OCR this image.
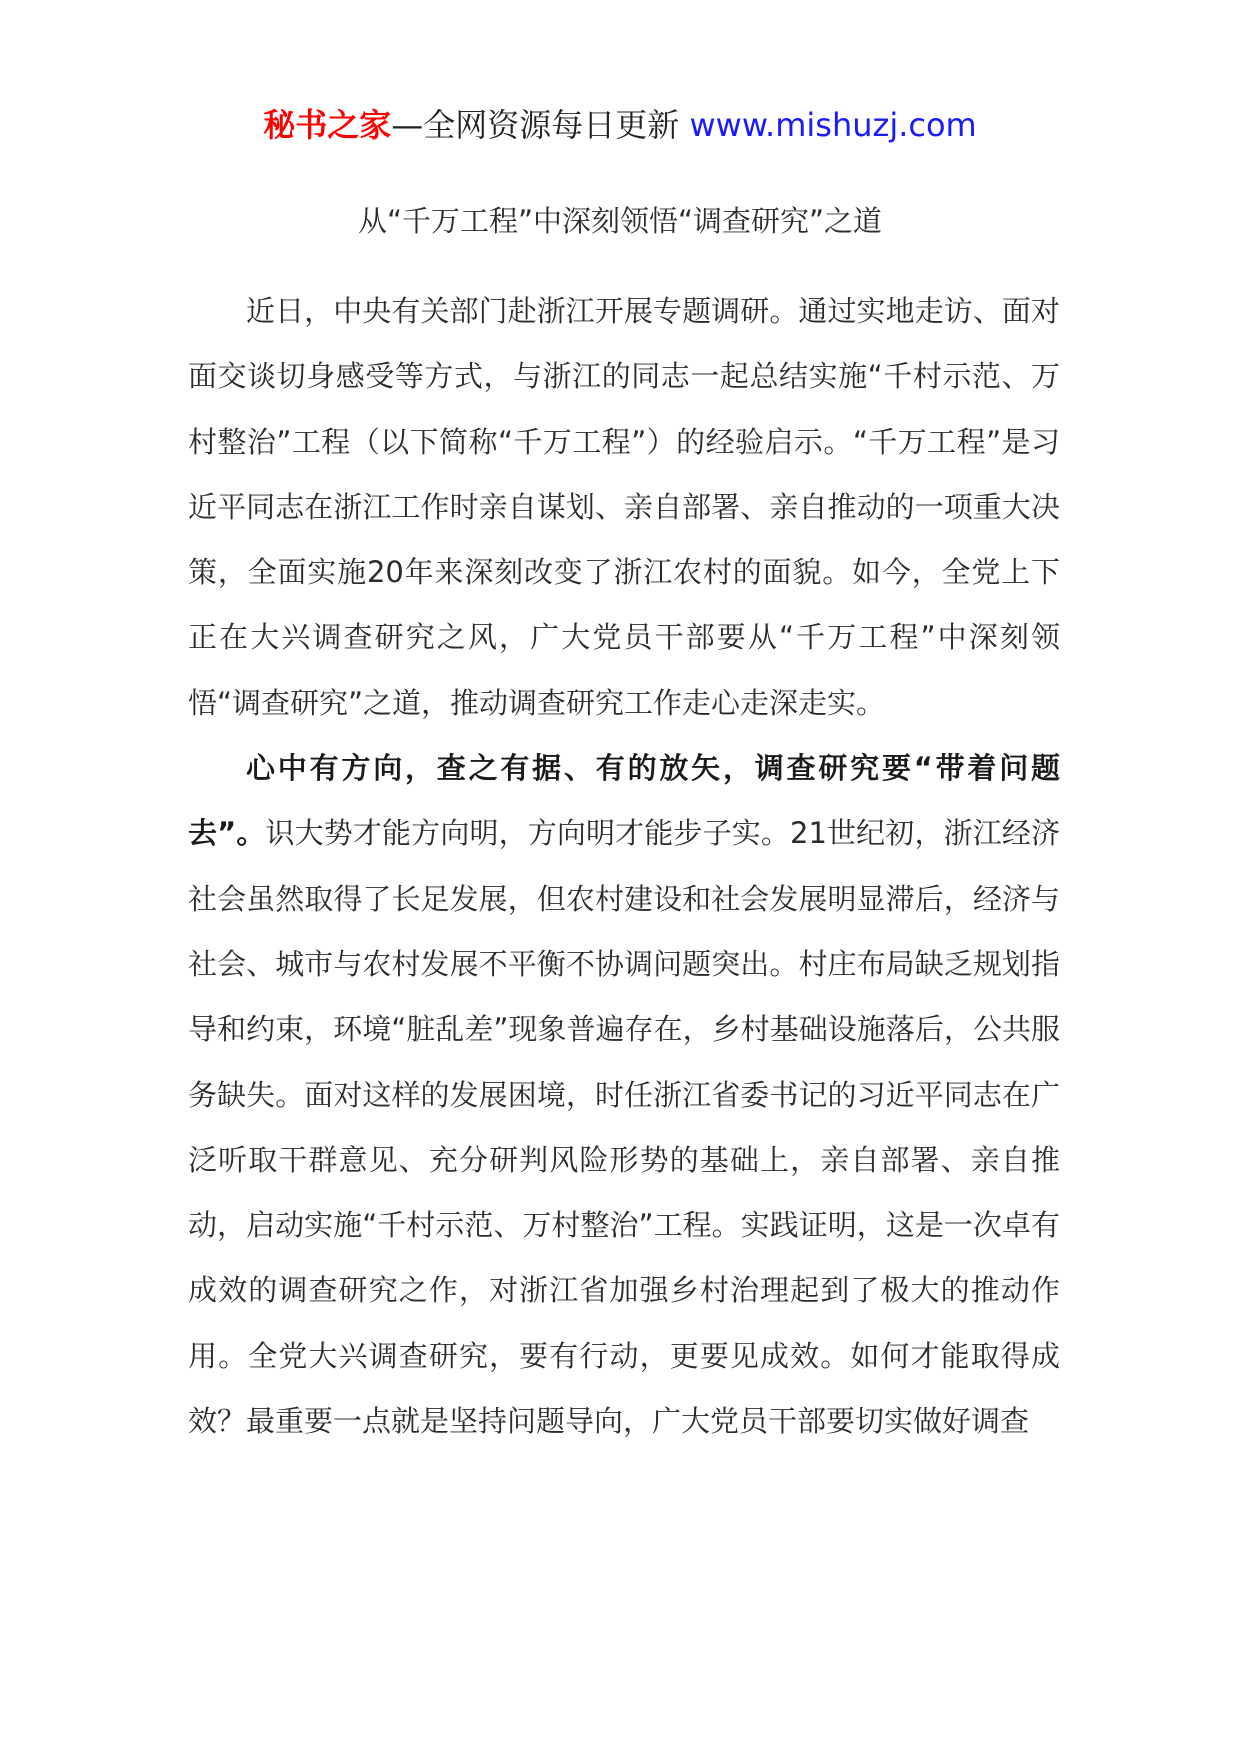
秘书之家—全网资源每日更新 www.mishuzj.com
从“千万工程”中深刻领悟“调查研究”之道

近日，中央有关部门赴浙江开展专题调研。通过实地走访、面对面交谈切身感受等方式，与浙江的同志一起总结实施“千村示范、万村整治”工程（以下简称“千万工程”）的经验启示。“千万工程”是习近平同志在浙江工作时亲自谋划、亲自部署、亲自推动的一项重大决策，全面实施20年来深刻改变了浙江农村的面貌。如今，全党上下正在大兴调查研究之风，广大党员干部要从“千万工程”中深刻领悟“调查研究”之道，推动调查研究工作走心走深走实。

心中有方向，查之有据、有的放矢，调查研究要“带着问题去”。识大势才能方向明，方向明才能步子实。21世纪初，浙江经济社会虽然取得了长足发展，但农村建设和社会发展明显滞后，经济与社会、城市与农村发展不平衡不协调问题突出。村庄布局缺乏规划指导和约束，环境“脏乱差”现象普遍存在，乡村基础设施落后，公共服务缺失。面对这样的发展困境，时任浙江省委书记的习近平同志在广泛听取干群意见、充分研判风险形势的基础上，亲自部署、亲自推动，启动实施“千村示范、万村整治”工程。实践证明，这是一次卓有成效的调查研究之作，对浙江省加强乡村治理起到了极大的推动作用。全党大兴调查研究，要有行动，更要见成效。如何才能取得成效？最重要一点就是坚持问题导向，广大党员干部要切实做好调查
